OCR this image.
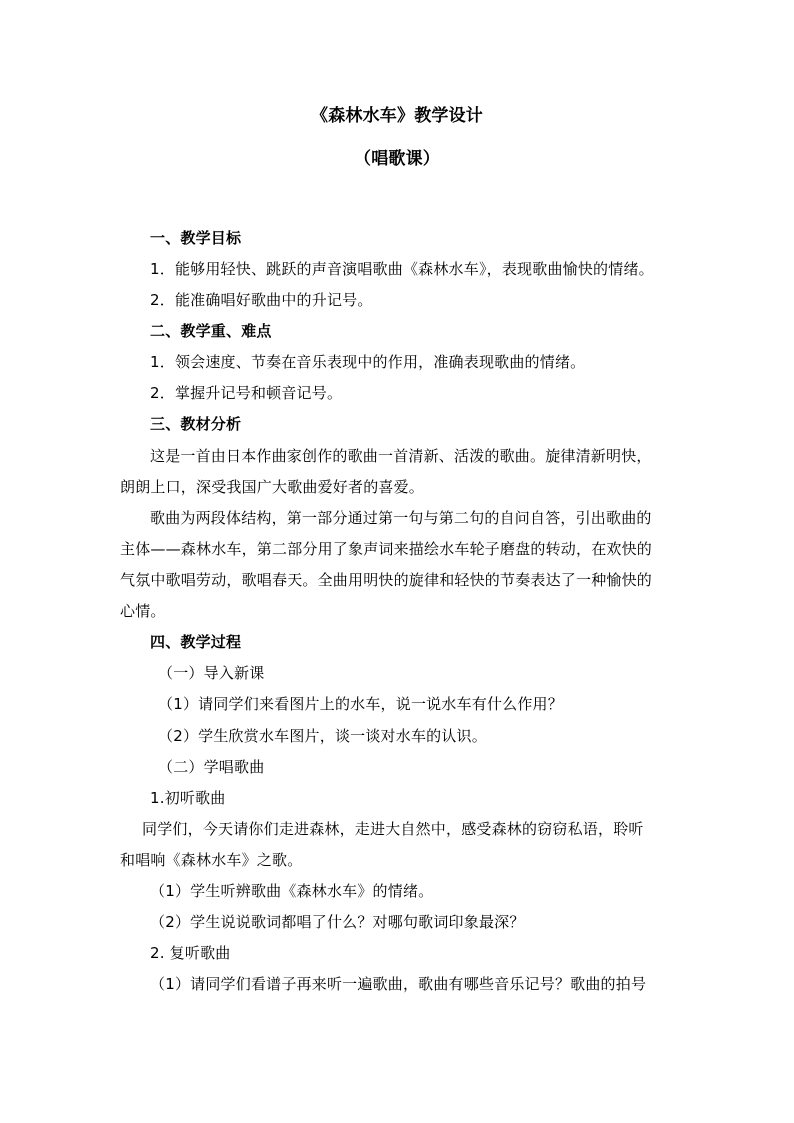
《森林水车》教学设计
（唱歌课）
一、教学目标
1．能够用轻快、跳跃的声音演唱歌曲《森林水车》，表现歌曲愉快的情绪。
2．能准确唱好歌曲中的升记号。
二、教学重、难点
1．领会速度、节奏在音乐表现中的作用，准确表现歌曲的情绪。
2．掌握升记号和顿音记号。
三、教材分析
这是一首由日本作曲家创作的歌曲一首清新、活泼的歌曲。旋律清新明快，
朗朗上口，深受我国广大歌曲爱好者的喜爱。
歌曲为两段体结构，第一部分通过第一句与第二句的自问自答，引出歌曲的
主体——森林水车，第二部分用了象声词来描绘水车轮子磨盘的转动，在欢快的
气氛中歌唱劳动，歌唱春天。全曲用明快的旋律和轻快的节奏表达了一种愉快的
心情。
四、教学过程
（一）导入新课
（1）请同学们来看图片上的水车，说一说水车有什么作用？
（2）学生欣赏水车图片，谈一谈对水车的认识。
（二）学唱歌曲
1.初听歌曲
同学们，今天请你们走进森林，走进大自然中，感受森林的窃窃私语，聆听
和唱响《森林水车》之歌。
（1）学生听辨歌曲《森林水车》的情绪。
（2）学生说说歌词都唱了什么？对哪句歌词印象最深？
2. 复听歌曲
（1）请同学们看谱子再来听一遍歌曲，歌曲有哪些音乐记号？歌曲的拍号
